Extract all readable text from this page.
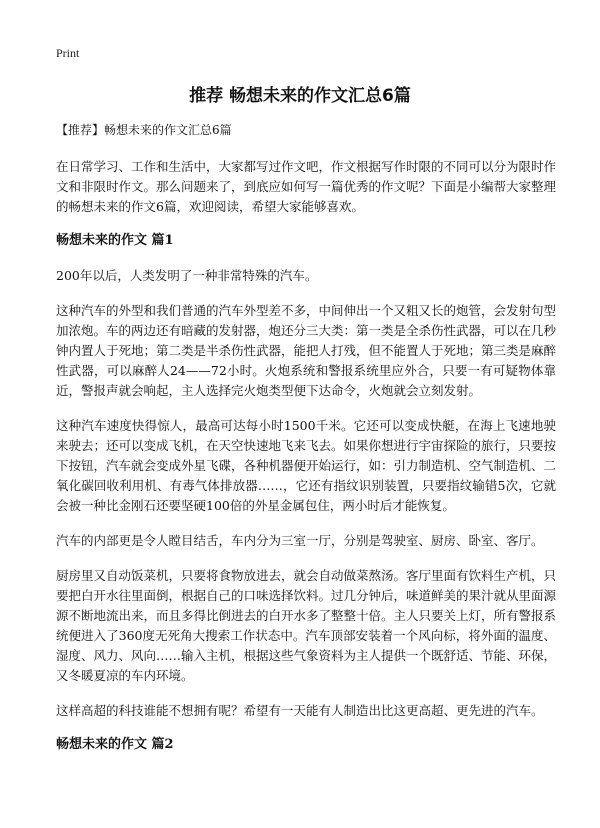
Print
推荐 畅想未来的作文汇总6篇
【推荐】畅想未来的作文汇总6篇

在日常学习、工作和生活中，大家都写过作文吧，作文根据写作时限的不同可以分为限时作文和非限时作文。那么问题来了，到底应如何写一篇优秀的作文呢？下面是小编帮大家整理的畅想未来的作文6篇，欢迎阅读，希望大家能够喜欢。

畅想未来的作文 篇1

200年以后，人类发明了一种非常特殊的汽车。

这种汽车的外型和我们普通的汽车外型差不多，中间伸出一个又粗又长的炮管，会发射句型加浓炮。车的两边还有暗藏的发射器，炮还分三大类：第一类是全杀伤性武器，可以在几秒钟内置人于死地；第二类是半杀伤性武器，能把人打残，但不能置人于死地；第三类是麻醉性武器，可以麻醉人24——72小时。火炮系统和警报系统里应外合，只要一有可疑物体靠近，警报声就会响起，主人选择完火炮类型便下达命令，火炮就会立刻发射。

这种汽车速度快得惊人，最高可达每小时1500千米。它还可以变成快艇，在海上飞速地驶来驶去；还可以变成飞机，在天空快速地飞来飞去。如果你想进行宇宙探险的旅行，只要按下按钮，汽车就会变成外星飞碟，各种机器便开始运行，如：引力制造机、空气制造机、二氧化碳回收利用机、有毒气体排放器……，它还有指纹识别装置，只要指纹输错5次，它就会被一种比金刚石还要坚硬100倍的外星金属包住，两小时后才能恢复。

汽车的内部更是令人瞠目结舌，车内分为三室一厅，分别是驾驶室、厨房、卧室、客厅。

厨房里又自动饭菜机，只要将食物放进去，就会自动做菜熬汤。客厅里面有饮料生产机，只要把白开水往里面倒，根据自己的口味选择饮料。过几分钟后，味道鲜美的果汁就从里面源源不断地流出来，而且多得比倒进去的白开水多了整整十倍。主人只要关上灯，所有警报系统便进入了360度无死角大搜索工作状态中。汽车顶部安装着一个风向标，将外面的温度、湿度、风力、风向……输入主机，根据这些气象资料为主人提供一个既舒适、节能、环保，又冬暖夏凉的车内环境。

这样高超的科技谁能不想拥有呢？希望有一天能有人制造出比这更高超、更先进的汽车。

畅想未来的作文 篇2
